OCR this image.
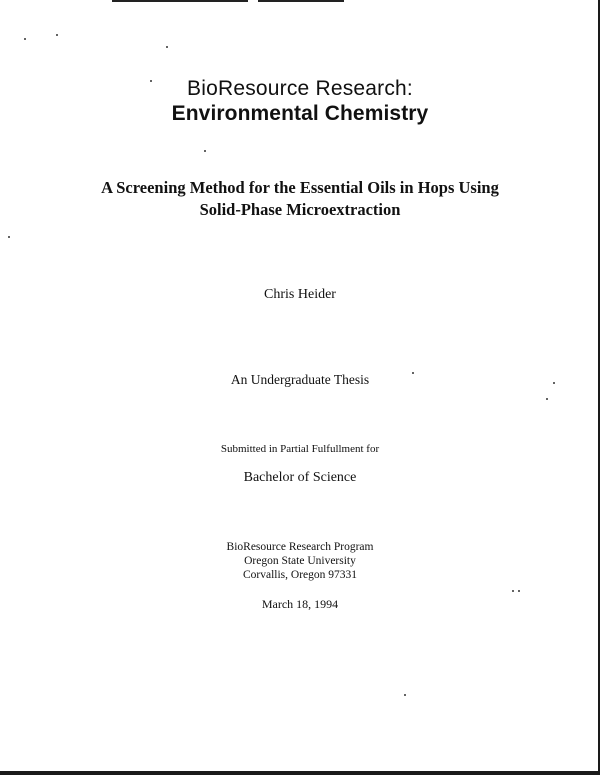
BioResource Research:
Environmental Chemistry
A Screening Method for the Essential Oils in Hops Using
Solid-Phase Microextraction
Chris Heider
An Undergraduate Thesis
Submitted in Partial Fulfullment for
Bachelor of Science
BioResource Research Program
Oregon State University
Corvallis, Oregon 97331
March 18, 1994
